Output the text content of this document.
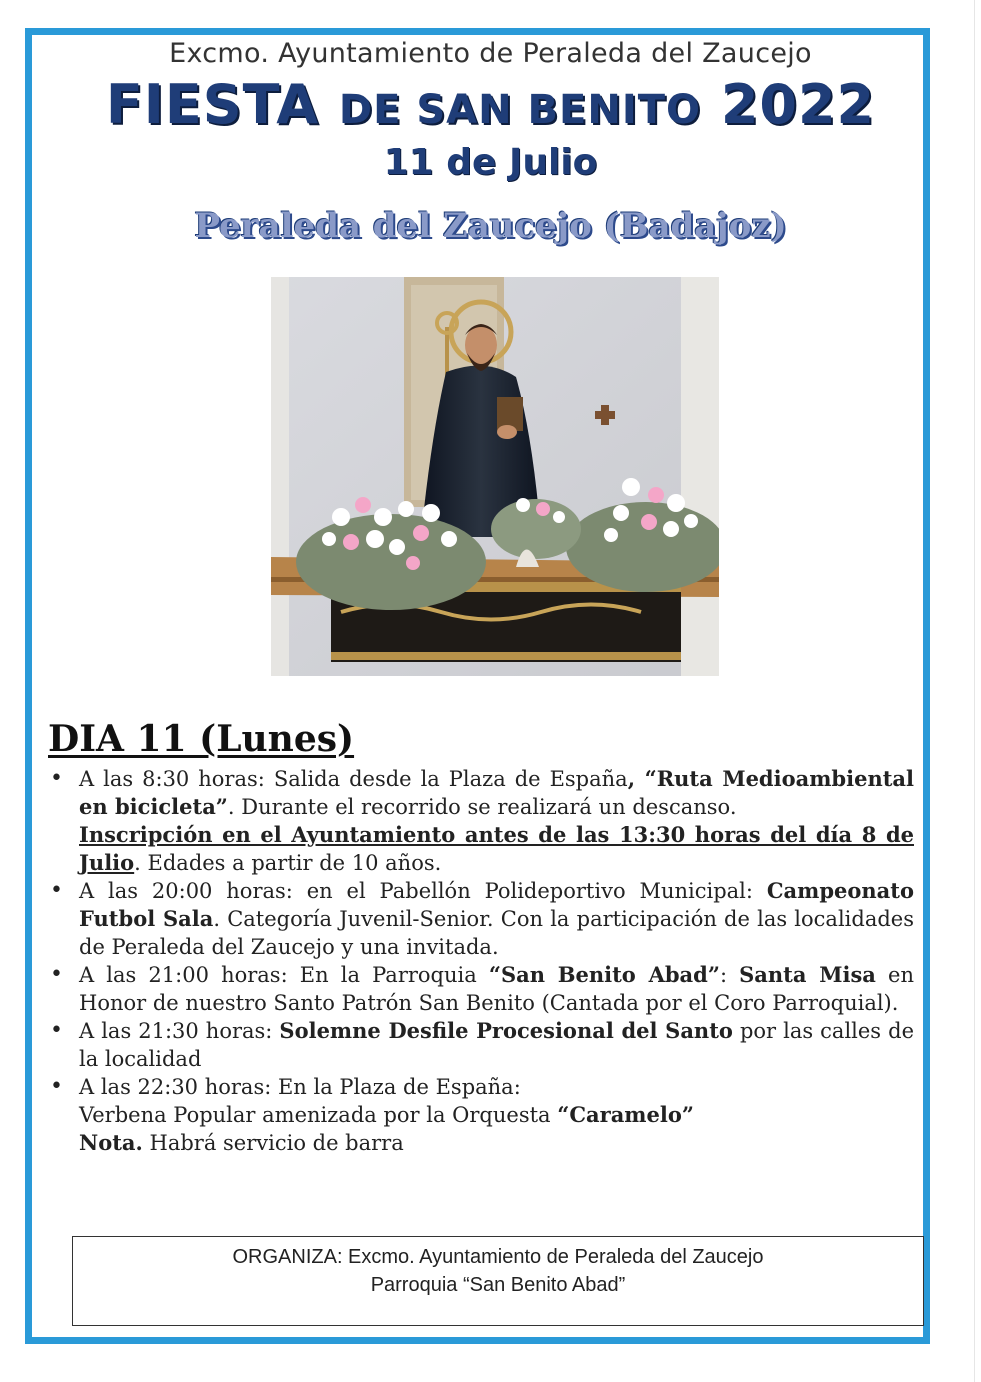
Excmo. Ayuntamiento de Peraleda del Zaucejo
FIESTA DE SAN BENITO 2022
11 de Julio
Peraleda del Zaucejo (Badajoz)
DIA 11 (Lunes)
• A las 8:30 horas: Salida desde la Plaza de España, “Ruta Medioambiental en bicicleta”. Durante el recorrido se realizará un descanso.
Inscripción en el Ayuntamiento antes de las 13:30 horas del día 8 de Julio. Edades a partir de 10 años.
• A las 20:00 horas: en el Pabellón Polideportivo Municipal: Campeonato Futbol Sala. Categoría Juvenil-Senior. Con la participación de las localidades de Peraleda del Zaucejo y una invitada.
• A las 21:00 horas: En la Parroquia “San Benito Abad”: Santa Misa en Honor de nuestro Santo Patrón San Benito (Cantada por el Coro Parroquial).
• A las 21:30 horas: Solemne Desfile Procesional del Santo por las calles de la localidad
• A las 22:30 horas: En la Plaza de España:
Verbena Popular amenizada por la Orquesta “Caramelo”
Nota. Habrá servicio de barra
ORGANIZA: Excmo. Ayuntamiento de Peraleda del Zaucejo
Parroquia “San Benito Abad”
